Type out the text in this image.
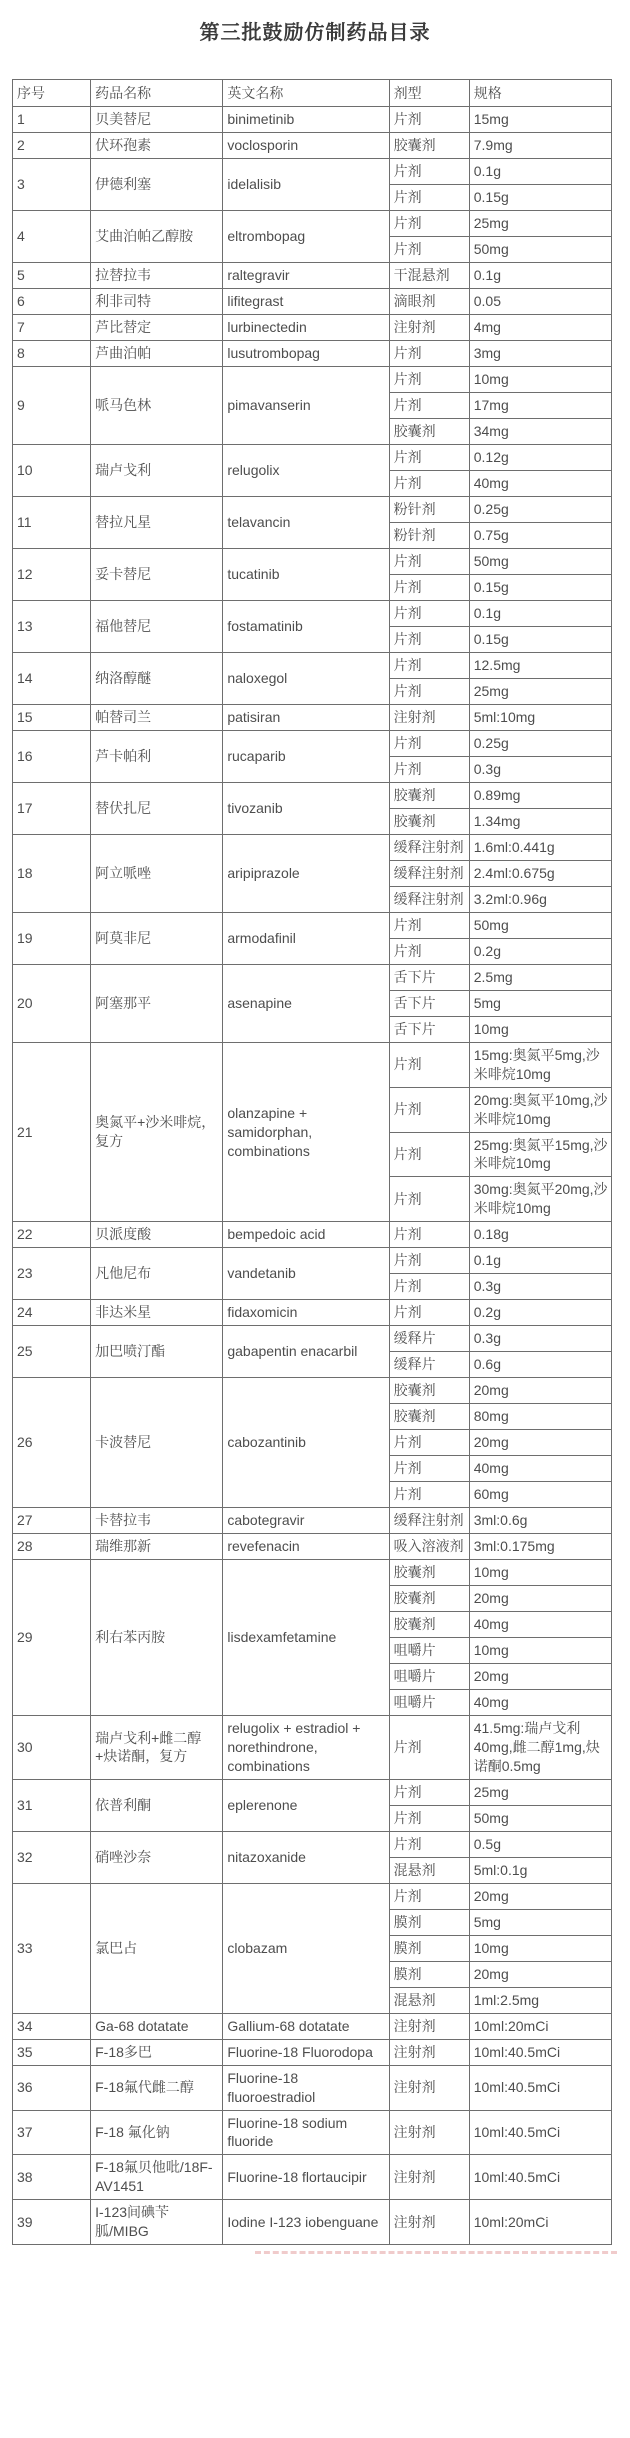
第三批鼓励仿制药品目录
序号	药品名称	英文名称	剂型	规格
1	贝美替尼	binimetinib	片剂	15mg
2	伏环孢素	voclosporin	胶囊剂	7.9mg
3	伊德利塞	idelalisib	片剂	0.1g
			片剂	0.15g
4	艾曲泊帕乙醇胺	eltrombopag	片剂	25mg
			片剂	50mg
5	拉替拉韦	raltegravir	干混悬剂	0.1g
6	利非司特	lifitegrast	滴眼剂	0.05
7	芦比替定	lurbinectedin	注射剂	4mg
8	芦曲泊帕	lusutrombopag	片剂	3mg
9	哌马色林	pimavanserin	片剂	10mg
			片剂	17mg
			胶囊剂	34mg
10	瑞卢戈利	relugolix	片剂	0.12g
			片剂	40mg
11	替拉凡星	telavancin	粉针剂	0.25g
			粉针剂	0.75g
12	妥卡替尼	tucatinib	片剂	50mg
			片剂	0.15g
13	福他替尼	fostamatinib	片剂	0.1g
			片剂	0.15g
14	纳洛醇醚	naloxegol	片剂	12.5mg
			片剂	25mg
15	帕替司兰	patisiran	注射剂	5ml:10mg
16	芦卡帕利	rucaparib	片剂	0.25g
			片剂	0.3g
17	替伏扎尼	tivozanib	胶囊剂	0.89mg
			胶囊剂	1.34mg
18	阿立哌唑	aripiprazole	缓释注射剂	1.6ml:0.441g
			缓释注射剂	2.4ml:0.675g
			缓释注射剂	3.2ml:0.96g
19	阿莫非尼	armodafinil	片剂	50mg
			片剂	0.2g
20	阿塞那平	asenapine	舌下片	2.5mg
			舌下片	5mg
			舌下片	10mg
21	奥氮平+沙米啡烷，复方	olanzapine + samidorphan, combinations	片剂	15mg:奥氮平5mg,沙米啡烷10mg
			片剂	20mg:奥氮平10mg,沙米啡烷10mg
			片剂	25mg:奥氮平15mg,沙米啡烷10mg
			片剂	30mg:奥氮平20mg,沙米啡烷10mg
22	贝派度酸	bempedoic acid	片剂	0.18g
23	凡他尼布	vandetanib	片剂	0.1g
			片剂	0.3g
24	非达米星	fidaxomicin	片剂	0.2g
25	加巴喷汀酯	gabapentin enacarbil	缓释片	0.3g
			缓释片	0.6g
26	卡波替尼	cabozantinib	胶囊剂	20mg
			胶囊剂	80mg
			片剂	20mg
			片剂	40mg
			片剂	60mg
27	卡替拉韦	cabotegravir	缓释注射剂	3ml:0.6g
28	瑞维那新	revefenacin	吸入溶液剂	3ml:0.175mg
29	利右苯丙胺	lisdexamfetamine	胶囊剂	10mg
			胶囊剂	20mg
			胶囊剂	40mg
			咀嚼片	10mg
			咀嚼片	20mg
			咀嚼片	40mg
30	瑞卢戈利+雌二醇+炔诺酮，复方	relugolix + estradiol + norethindrone, combinations	片剂	41.5mg:瑞卢戈利40mg,雌二醇1mg,炔诺酮0.5mg
31	依普利酮	eplerenone	片剂	25mg
			片剂	50mg
32	硝唑沙奈	nitazoxanide	片剂	0.5g
			混悬剂	5ml:0.1g
33	氯巴占	clobazam	片剂	20mg
			膜剂	5mg
			膜剂	10mg
			膜剂	20mg
			混悬剂	1ml:2.5mg
34	Ga-68 dotatate	Gallium-68 dotatate	注射剂	10ml:20mCi
35	F-18多巴	Fluorine-18 Fluorodopa	注射剂	10ml:40.5mCi
36	F-18氟代雌二醇	Fluorine-18 fluoroestradiol	注射剂	10ml:40.5mCi
37	F-18 氟化钠	Fluorine-18 sodium fluoride	注射剂	10ml:40.5mCi
38	F-18氟贝他吡/18F-AV1451	Fluorine-18 flortaucipir	注射剂	10ml:40.5mCi
39	I-123间碘苄胍/MIBG	Iodine I-123 iobenguane	注射剂	10ml:20mCi
